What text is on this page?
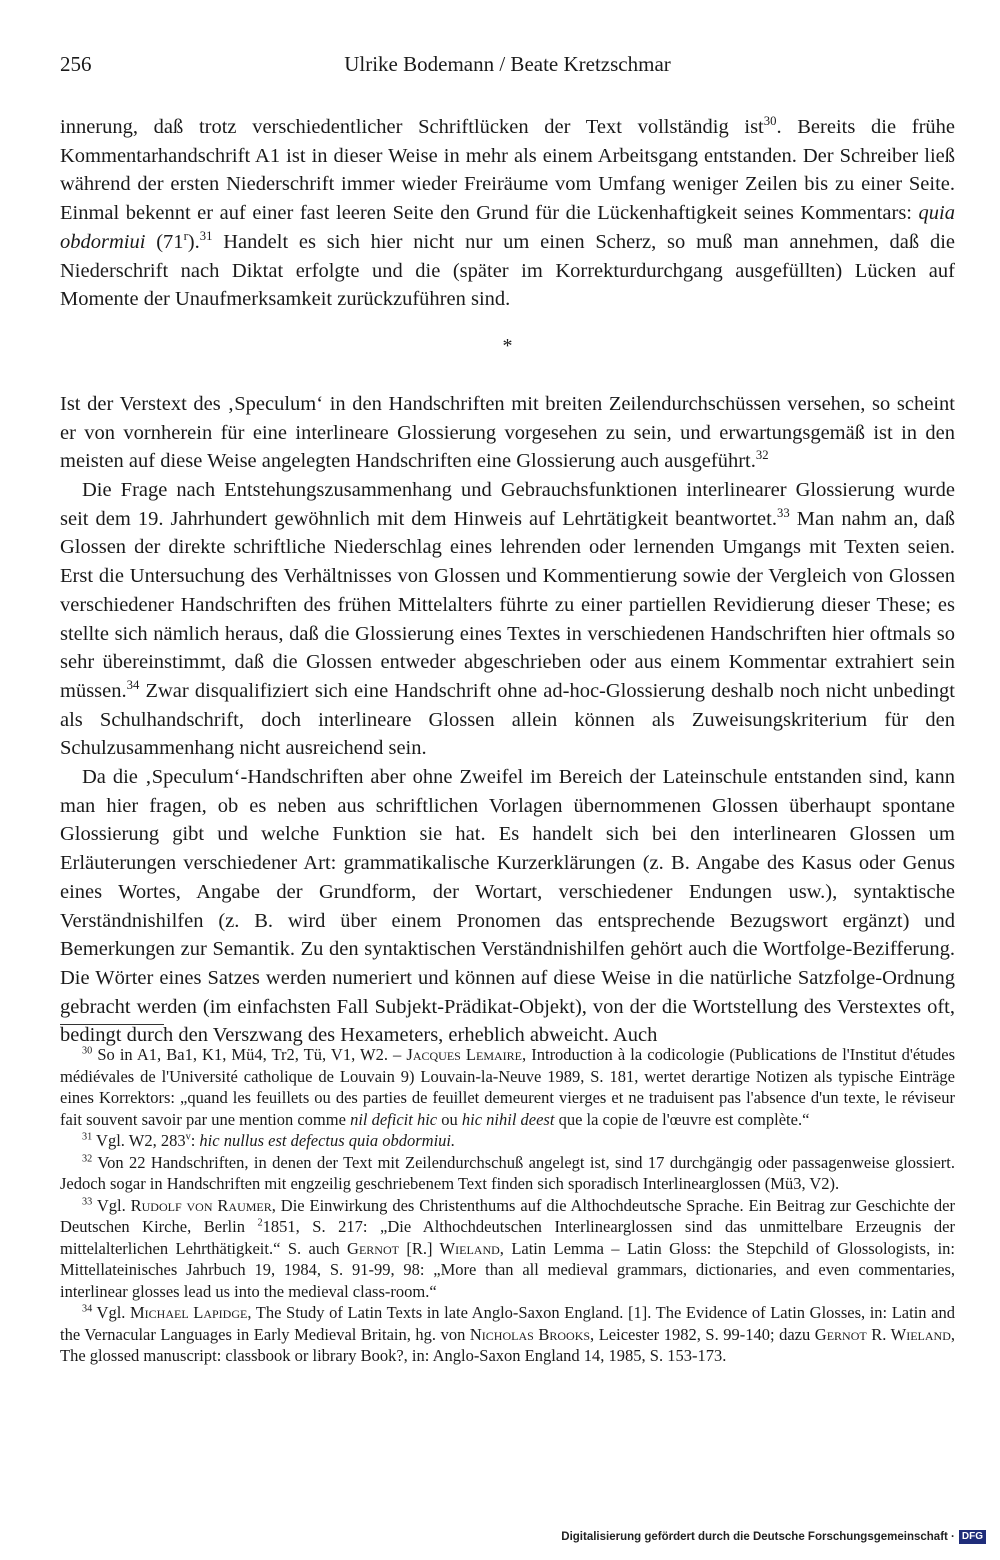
256	Ulrike Bodemann / Beate Kretzschmar

innerung, daß trotz verschiedentlicher Schriftlücken der Text vollständig ist$^{30}$. Bereits die frühe Kommentarhandschrift A1 ist in dieser Weise in mehr als einem Arbeitsgang entstanden. Der Schreiber ließ während der ersten Niederschrift immer wieder Freiräume vom Umfang weniger Zeilen bis zu einer Seite. Einmal bekennt er auf einer fast leeren Seite den Grund für die Lückenhaftigkeit seines Kommentars: quia obdormiui (71$^r$).$^{31}$ Handelt es sich hier nicht nur um einen Scherz, so muß man annehmen, daß die Niederschrift nach Diktat erfolgte und die (später im Korrekturdurchgang ausgefüllten) Lücken auf Momente der Unaufmerksamkeit zurückzuführen sind.

*

Ist der Verstext des ‚Speculum‘ in den Handschriften mit breiten Zeilendurchschüssen versehen, so scheint er von vornherein für eine interlineare Glossierung vorgesehen zu sein, und erwartungsgemäß ist in den meisten auf diese Weise angelegten Handschriften eine Glossierung auch ausgeführt.$^{32}$

Die Frage nach Entstehungszusammenhang und Gebrauchsfunktionen interlinearer Glossierung wurde seit dem 19. Jahrhundert gewöhnlich mit dem Hinweis auf Lehrtätigkeit beantwortet.$^{33}$ Man nahm an, daß Glossen der direkte schriftliche Niederschlag eines lehrenden oder lernenden Umgangs mit Texten seien. Erst die Untersuchung des Verhältnisses von Glossen und Kommentierung sowie der Vergleich von Glossen verschiedener Handschriften des frühen Mittelalters führte zu einer partiellen Revidierung dieser These; es stellte sich nämlich heraus, daß die Glossierung eines Textes in verschiedenen Handschriften hier oftmals so sehr übereinstimmt, daß die Glossen entweder abgeschrieben oder aus einem Kommentar extrahiert sein müssen.$^{34}$ Zwar disqualifiziert sich eine Handschrift ohne ad-hoc-Glossierung deshalb noch nicht unbedingt als Schulhandschrift, doch interlineare Glossen allein können als Zuweisungskriterium für den Schulzusammenhang nicht ausreichend sein.

Da die ‚Speculum‘-Handschriften aber ohne Zweifel im Bereich der Lateinschule entstanden sind, kann man hier fragen, ob es neben aus schriftlichen Vorlagen übernommenen Glossen überhaupt spontane Glossierung gibt und welche Funktion sie hat. Es handelt sich bei den interlinearen Glossen um Erläuterungen verschiedener Art: grammatikalische Kurzerklärungen (z. B. Angabe des Kasus oder Genus eines Wortes, Angabe der Grundform, der Wortart, verschiedener Endungen usw.), syntaktische Verständnishilfen (z. B. wird über einem Pronomen das entsprechende Bezugswort ergänzt) und Bemerkungen zur Semantik. Zu den syntaktischen Verständnishilfen gehört auch die Wortfolge-Bezifferung. Die Wörter eines Satzes werden numeriert und können auf diese Weise in die natürliche Satzfolge-Ordnung gebracht werden (im einfachsten Fall Subjekt-Prädikat-Objekt), von der die Wortstellung des Verstextes oft, bedingt durch den Verszwang des Hexameters, erheblich abweicht. Auch

$^{30}$ So in A1, Ba1, K1, Mü4, Tr2, Tü, V1, W2. – Jacques Lemaire, Introduction à la codicologie (Publications de l'Institut d'études médiévales de l'Université catholique de Louvain 9) Louvain-la-Neuve 1989, S. 181, wertet derartige Notizen als typische Einträge eines Korrektors: „quand les feuillets ou des parties de feuillet demeurent vierges et ne traduisent pas l'absence d'un texte, le réviseur fait souvent savoir par une mention comme nil deficit hic ou hic nihil deest que la copie de l'œuvre est complète.“

$^{31}$ Vgl. W2, 283$^v$: hic nullus est defectus quia obdormiui.

$^{32}$ Von 22 Handschriften, in denen der Text mit Zeilendurchschuß angelegt ist, sind 17 durchgängig oder passagenweise glossiert. Jedoch sogar in Handschriften mit engzeilig geschriebenem Text finden sich sporadisch Interlinearglossen (Mü3, V2).

$^{33}$ Vgl. Rudolf von Raumer, Die Einwirkung des Christenthums auf die Althochdeutsche Sprache. Ein Beitrag zur Geschichte der Deutschen Kirche, Berlin $^2$1851, S. 217: „Die Althochdeutschen Interlinearglossen sind das unmittelbare Erzeugnis der mittelalterlichen Lehrthätigkeit.“ S. auch Gernot [R.] Wieland, Latin Lemma – Latin Gloss: the Stepchild of Glossologists, in: Mittellateinisches Jahrbuch 19, 1984, S. 91-99, 98: „More than all medieval grammars, dictionaries, and even commentaries, interlinear glosses lead us into the medieval class-room.“

$^{34}$ Vgl. Michael Lapidge, The Study of Latin Texts in late Anglo-Saxon England. [1]. The Evidence of Latin Glosses, in: Latin and the Vernacular Languages in Early Medieval Britain, hg. von Nicholas Brooks, Leicester 1982, S. 99-140; dazu Gernot R. Wieland, The glossed manuscript: classbook or library Book?, in: Anglo-Saxon England 14, 1985, S. 153-173.

Digitalisierung gefördert durch die Deutsche Forschungsgemeinschaft · DFG
